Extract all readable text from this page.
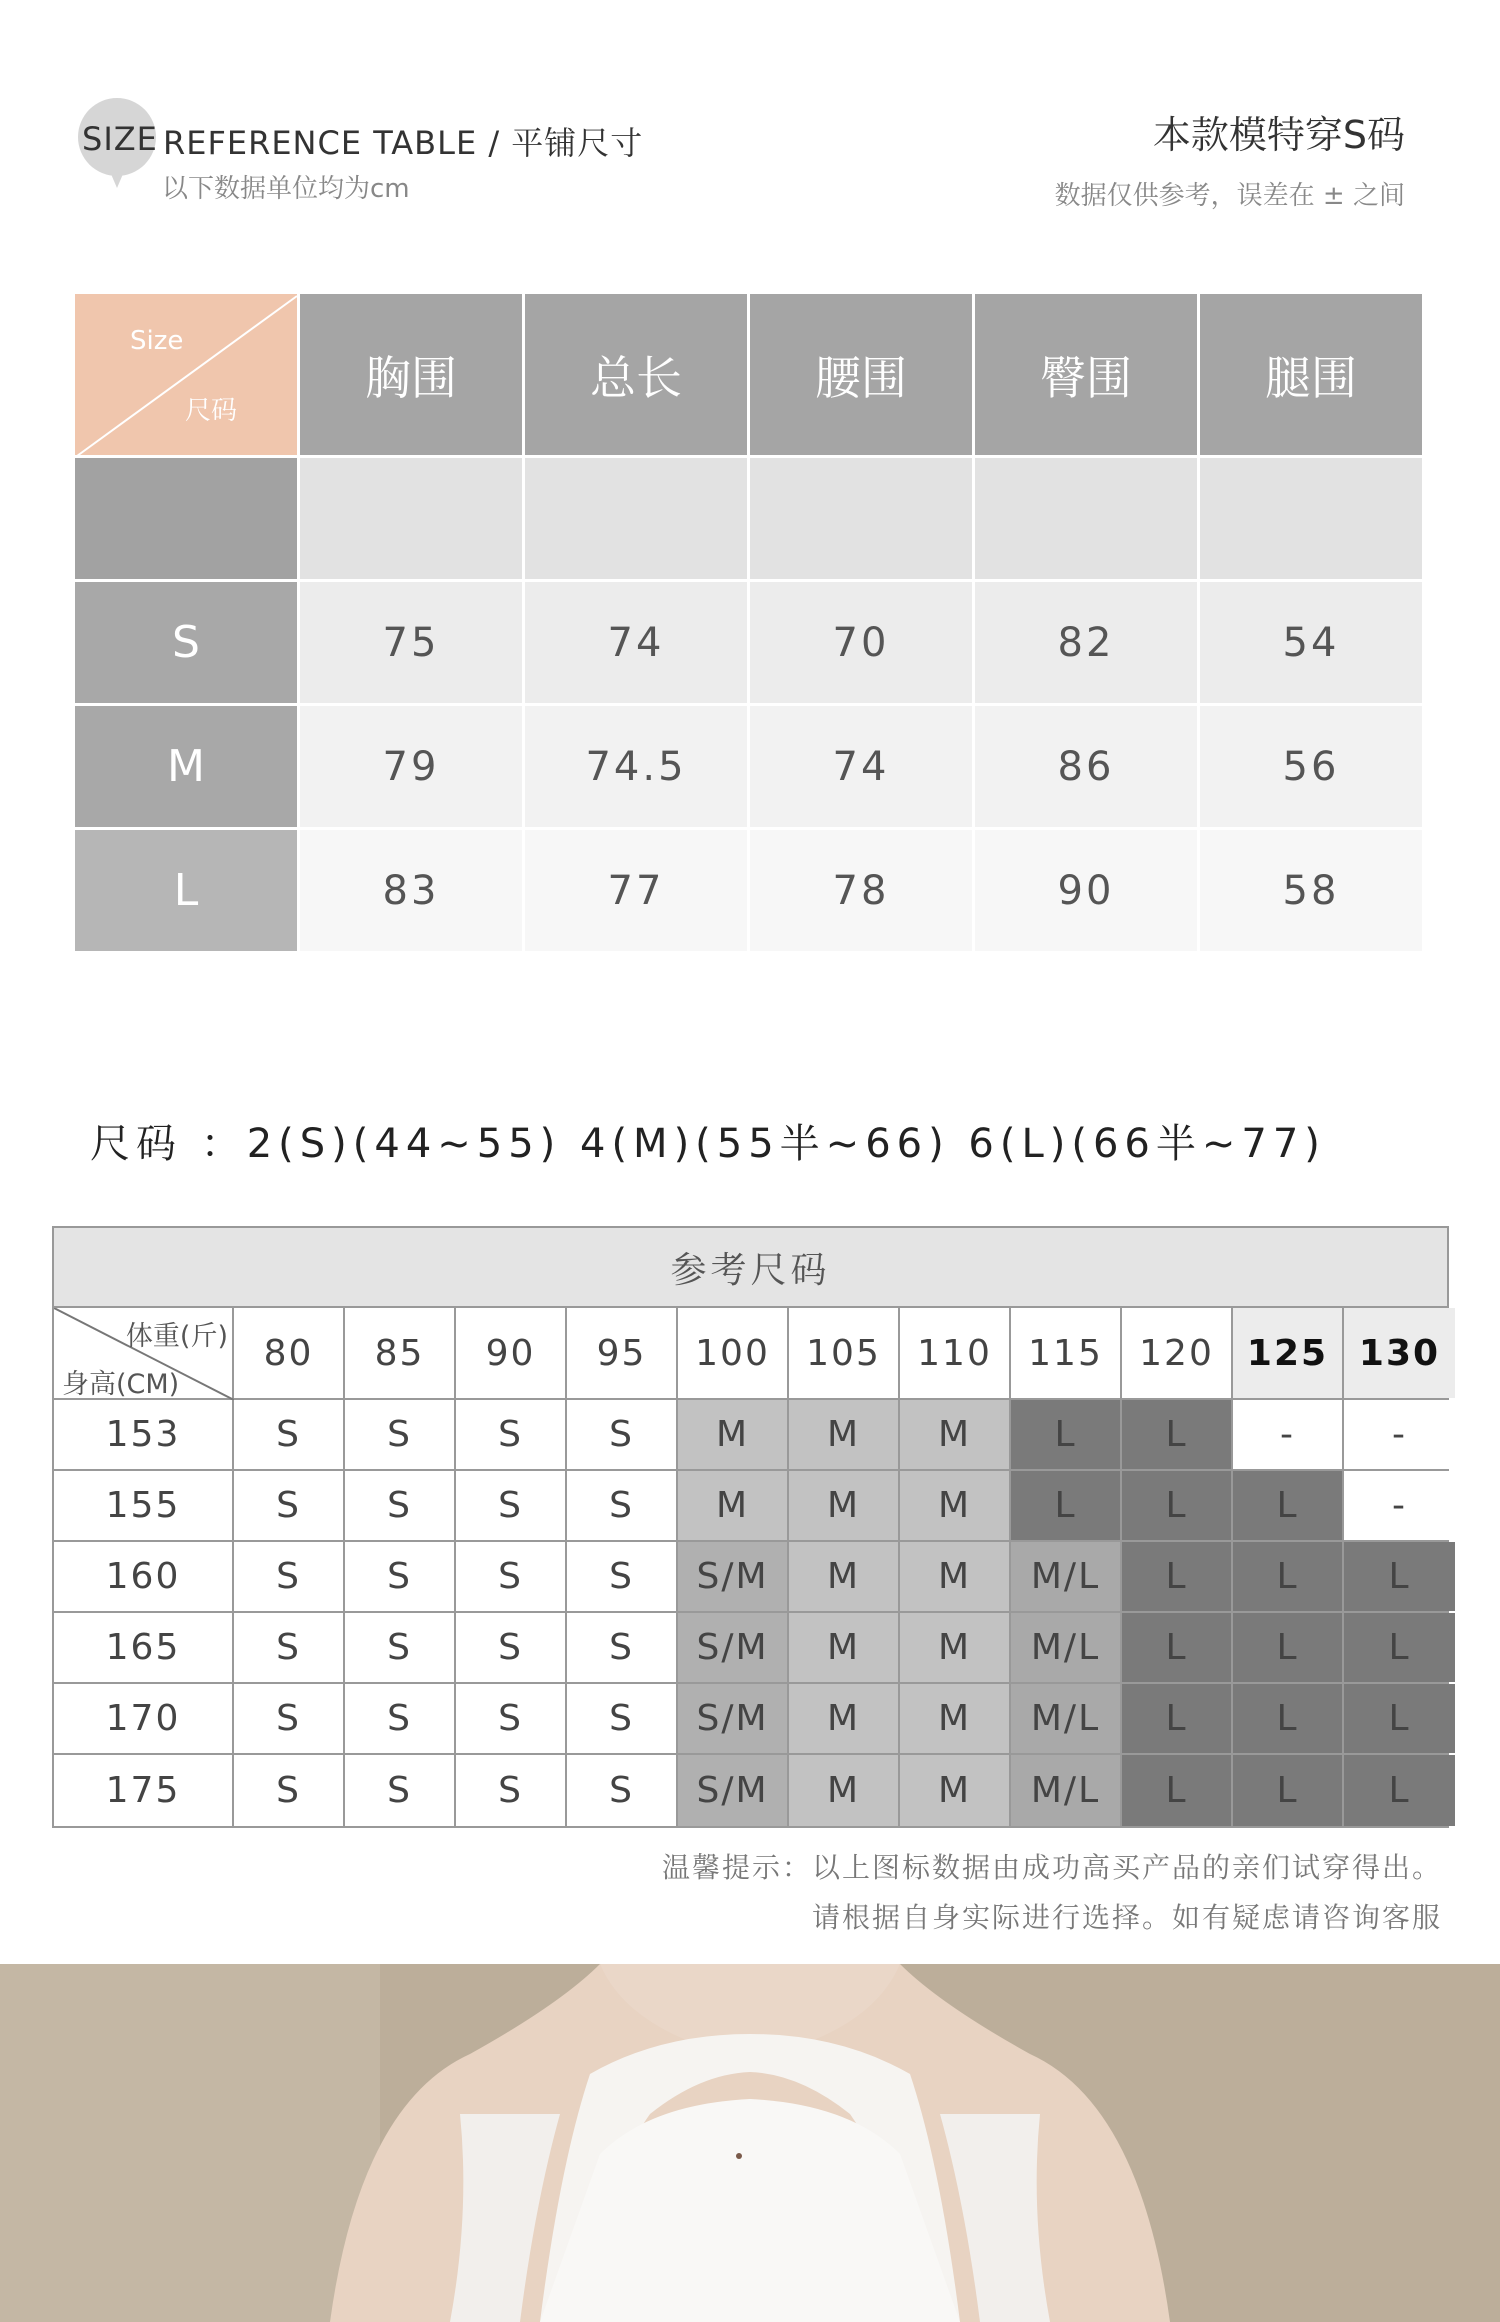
SIZE REFERENCE TABLE / 平铺尺寸
以下数据单位均为cm
本款模特穿S码
数据仅供参考，误差在 ± 之间
Size
尺码
胸围	总长	腰围	臀围	腿围
S	75	74	70	82	54
M	79	74.5	74	86	56
L	83	77	78	90	58
尺码 ：2(S)(44~55) 4(M)(55半~66) 6(L)(66半~77)
参考尺码
体重(斤)
身高(CM)
80	85	90	95	100	105	110	115	120 125 130
153	S	S	S	S	M	M	M	L	L	-	-
155	S	S	S	S	M	M	M	L	L	L	-
160	S	S	S	S	S/M	M	M	M/L	L	L	L
165	S	S	S	S	S/M	M	M	M/L	L	L	L
170	S	S	S	S	S/M	M	M	M/L	L	L	L
175	S	S	S	S	S/M	M	M	M/L	L	L	L
温馨提示：以上图标数据由成功高买产品的亲们试穿得出。
请根据自身实际进行选择。如有疑虑请咨询客服
